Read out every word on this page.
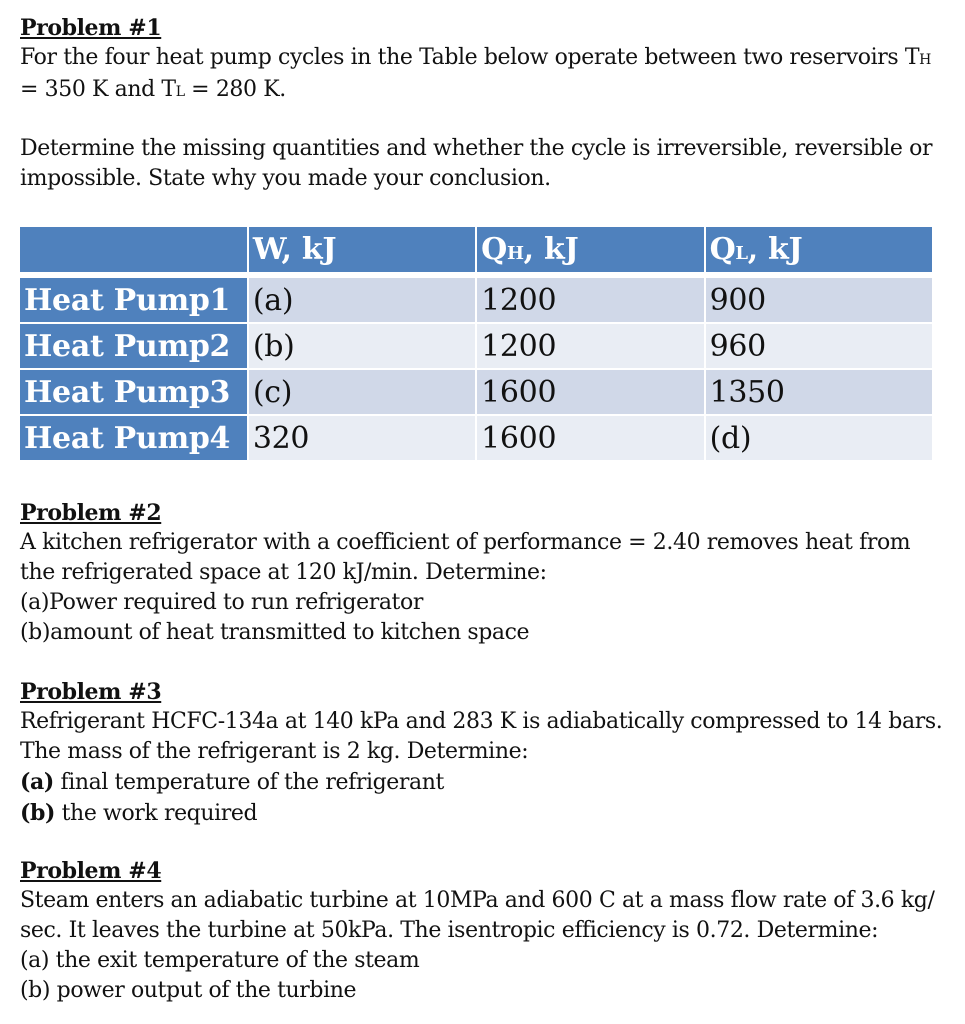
Problem #1
For the four heat pump cycles in the Table below operate between two reservoirs TH
= 350 K and TL = 280 K.
Determine the missing quantities and whether the cycle is irreversible, reversible or
impossible. State why you made your conclusion.
	W, kJ	QH, kJ	QL, kJ

Heat Pump1	(a)	1200	900
Heat Pump2	(b)	1200	960
Heat Pump3	(c)	1600	1350
Heat Pump4	320	1600	(d)
Problem #2
A kitchen refrigerator with a coefficient of performance = 2.40 removes heat from
the refrigerated space at 120 kJ/min. Determine:
(a)Power required to run refrigerator
(b)amount of heat transmitted to kitchen space
Problem #3
Refrigerant HCFC-134a at 140 kPa and 283 K is adiabatically compressed to 14 bars.
The mass of the refrigerant is 2 kg. Determine:
(a) final temperature of the refrigerant
(b) the work required
Problem #4
Steam enters an adiabatic turbine at 10MPa and 600 C at a mass flow rate of 3.6 kg/
sec. It leaves the turbine at 50kPa. The isentropic efficiency is 0.72. Determine:
(a) the exit temperature of the steam
(b) power output of the turbine
